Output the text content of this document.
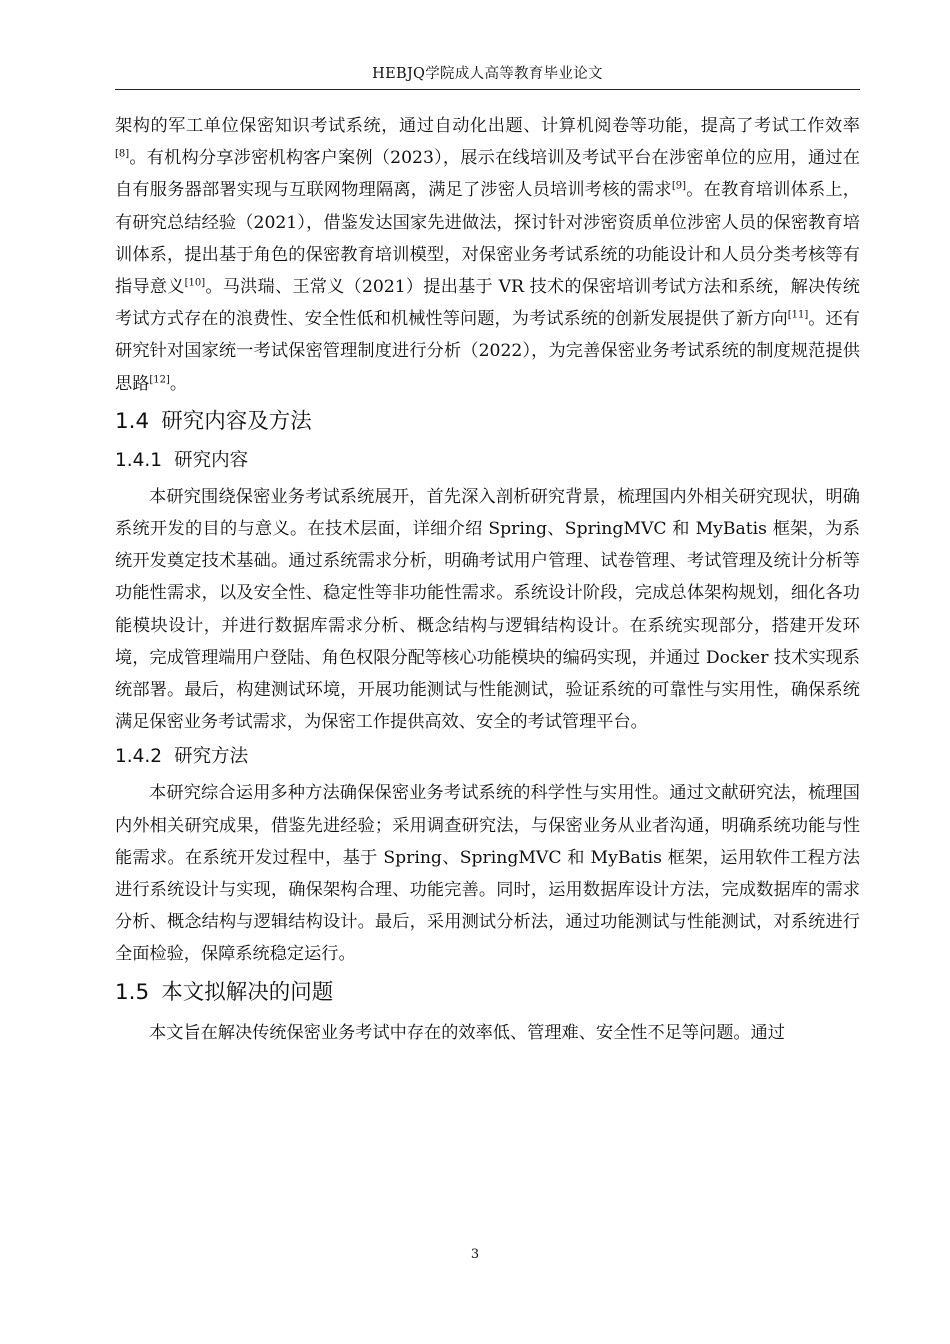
HEBJQ学院成人高等教育毕业论文

架构的军工单位保密知识考试系统，通过自动化出题、计算机阅卷等功能，提高了考试工作效率[8]。有机构分享涉密机构客户案例（2023），展示在线培训及考试平台在涉密单位的应用，通过在自有服务器部署实现与互联网物理隔离，满足了涉密人员培训考核的需求[9]。在教育培训体系上，有研究总结经验（2021），借鉴发达国家先进做法，探讨针对涉密资质单位涉密人员的保密教育培训体系，提出基于角色的保密教育培训模型，对保密业务考试系统的功能设计和人员分类考核等有指导意义[10]。马洪瑞、王常义（2021）提出基于 VR 技术的保密培训考试方法和系统，解决传统考试方式存在的浪费性、安全性低和机械性等问题，为考试系统的创新发展提供了新方向[11]。还有研究针对国家统一考试保密管理制度进行分析（2022），为完善保密业务考试系统的制度规范提供思路[12]。

1.4 研究内容及方法
1.4.1 研究内容

本研究围绕保密业务考试系统展开，首先深入剖析研究背景，梳理国内外相关研究现状，明确系统开发的目的与意义。在技术层面，详细介绍 Spring、SpringMVC 和 MyBatis 框架，为系统开发奠定技术基础。通过系统需求分析，明确考试用户管理、试卷管理、考试管理及统计分析等功能性需求，以及安全性、稳定性等非功能性需求。系统设计阶段，完成总体架构规划，细化各功能模块设计，并进行数据库需求分析、概念结构与逻辑结构设计。在系统实现部分，搭建开发环境，完成管理端用户登陆、角色权限分配等核心功能模块的编码实现，并通过 Docker 技术实现系统部署。最后，构建测试环境，开展功能测试与性能测试，验证系统的可靠性与实用性，确保系统满足保密业务考试需求，为保密工作提供高效、安全的考试管理平台。

1.4.2 研究方法

本研究综合运用多种方法确保保密业务考试系统的科学性与实用性。通过文献研究法，梳理国内外相关研究成果，借鉴先进经验；采用调查研究法，与保密业务从业者沟通，明确系统功能与性能需求。在系统开发过程中，基于 Spring、SpringMVC 和 MyBatis 框架，运用软件工程方法进行系统设计与实现，确保架构合理、功能完善。同时，运用数据库设计方法，完成数据库的需求分析、概念结构与逻辑结构设计。最后，采用测试分析法，通过功能测试与性能测试，对系统进行全面检验，保障系统稳定运行。

1.5 本文拟解决的问题

本文旨在解决传统保密业务考试中存在的效率低、管理难、安全性不足等问题。通过

3
